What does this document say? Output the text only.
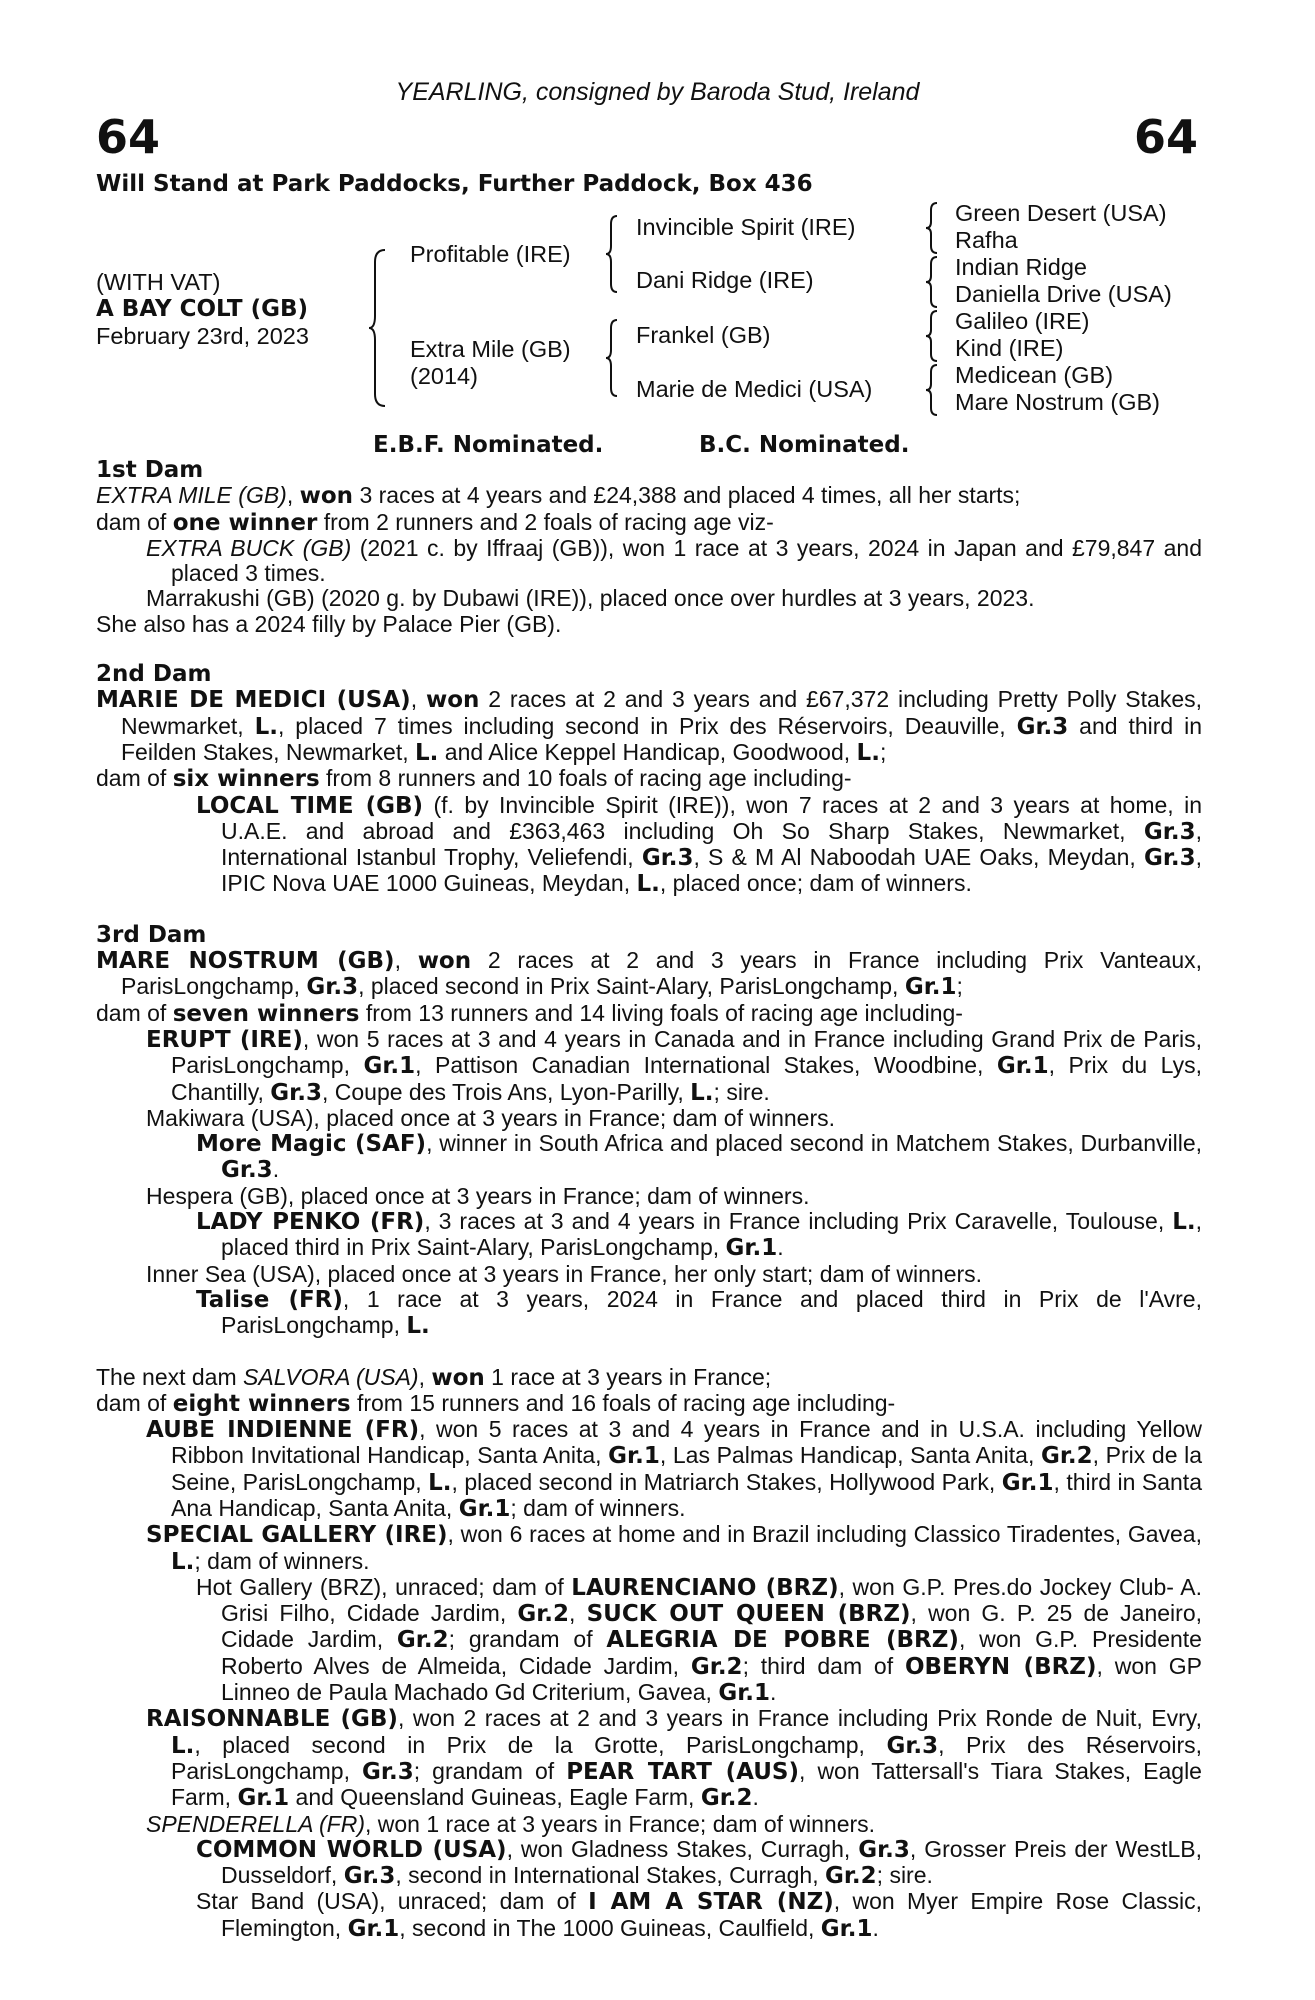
64	64
YEARLING, consigned by Baroda Stud, Ireland
Will Stand at Park Paddocks, Further Paddock, Box 436
(WITH VAT)
A BAY COLT (GB)
February 23rd, 2023
Profitable (IRE)
Extra Mile (GB)
(2014)
Invincible Spirit (IRE)
Dani Ridge (IRE)
Frankel (GB)
Marie de Medici (USA)
Green Desert (USA)
Rafha
Indian Ridge
Daniella Drive (USA)
Galileo (IRE)
Kind (IRE)
Medicean (GB)
Mare Nostrum (GB)
E.B.F. Nominated.	B.C. Nominated.
1st Dam
EXTRA MILE (GB), won 3 races at 4 years and £24,388 and placed 4 times, all her starts;
dam of one winner from 2 runners and 2 foals of racing age viz-
EXTRA BUCK (GB) (2021 c. by Iffraaj (GB)), won 1 race at 3 years, 2024 in Japan and £79,847 and placed 3 times.
Marrakushi (GB) (2020 g. by Dubawi (IRE)), placed once over hurdles at 3 years, 2023.
She also has a 2024 filly by Palace Pier (GB).
2nd Dam
MARIE DE MEDICI (USA), won 2 races at 2 and 3 years and £67,372 including Pretty Polly Stakes, Newmarket, L., placed 7 times including second in Prix des Réservoirs, Deauville, Gr.3 and third in Feilden Stakes, Newmarket, L. and Alice Keppel Handicap, Goodwood, L.;
dam of six winners from 8 runners and 10 foals of racing age including-
LOCAL TIME (GB) (f. by Invincible Spirit (IRE)), won 7 races at 2 and 3 years at home, in U.A.E. and abroad and £363,463 including Oh So Sharp Stakes, Newmarket, Gr.3, International Istanbul Trophy, Veliefendi, Gr.3, S & M Al Naboodah UAE Oaks, Meydan, Gr.3, IPIC Nova UAE 1000 Guineas, Meydan, L., placed once; dam of winners.
3rd Dam
MARE NOSTRUM (GB), won 2 races at 2 and 3 years in France including Prix Vanteaux, ParisLongchamp, Gr.3, placed second in Prix Saint-Alary, ParisLongchamp, Gr.1;
dam of seven winners from 13 runners and 14 living foals of racing age including-
ERUPT (IRE), won 5 races at 3 and 4 years in Canada and in France including Grand Prix de Paris, ParisLongchamp, Gr.1, Pattison Canadian International Stakes, Woodbine, Gr.1, Prix du Lys, Chantilly, Gr.3, Coupe des Trois Ans, Lyon-Parilly, L.; sire.
Makiwara (USA), placed once at 3 years in France; dam of winners.
More Magic (SAF), winner in South Africa and placed second in Matchem Stakes, Durbanville, Gr.3.
Hespera (GB), placed once at 3 years in France; dam of winners.
LADY PENKO (FR), 3 races at 3 and 4 years in France including Prix Caravelle, Toulouse, L., placed third in Prix Saint-Alary, ParisLongchamp, Gr.1.
Inner Sea (USA), placed once at 3 years in France, her only start; dam of winners.
Talise (FR), 1 race at 3 years, 2024 in France and placed third in Prix de l'Avre, ParisLongchamp, L.
The next dam SALVORA (USA), won 1 race at 3 years in France;
dam of eight winners from 15 runners and 16 foals of racing age including-
AUBE INDIENNE (FR), won 5 races at 3 and 4 years in France and in U.S.A. including Yellow Ribbon Invitational Handicap, Santa Anita, Gr.1, Las Palmas Handicap, Santa Anita, Gr.2, Prix de la Seine, ParisLongchamp, L., placed second in Matriarch Stakes, Hollywood Park, Gr.1, third in Santa Ana Handicap, Santa Anita, Gr.1; dam of winners.
SPECIAL GALLERY (IRE), won 6 races at home and in Brazil including Classico Tiradentes, Gavea, L.; dam of winners.
Hot Gallery (BRZ), unraced; dam of LAURENCIANO (BRZ), won G.P. Pres.do Jockey Club- A. Grisi Filho, Cidade Jardim, Gr.2, SUCK OUT QUEEN (BRZ), won G. P. 25 de Janeiro, Cidade Jardim, Gr.2; grandam of ALEGRIA DE POBRE (BRZ), won G.P. Presidente Roberto Alves de Almeida, Cidade Jardim, Gr.2; third dam of OBERYN (BRZ), won GP Linneo de Paula Machado Gd Criterium, Gavea, Gr.1.
RAISONNABLE (GB), won 2 races at 2 and 3 years in France including Prix Ronde de Nuit, Evry, L., placed second in Prix de la Grotte, ParisLongchamp, Gr.3, Prix des Réservoirs, ParisLongchamp, Gr.3; grandam of PEAR TART (AUS), won Tattersall's Tiara Stakes, Eagle Farm, Gr.1 and Queensland Guineas, Eagle Farm, Gr.2.
SPENDERELLA (FR), won 1 race at 3 years in France; dam of winners.
COMMON WORLD (USA), won Gladness Stakes, Curragh, Gr.3, Grosser Preis der WestLB, Dusseldorf, Gr.3, second in International Stakes, Curragh, Gr.2; sire.
Star Band (USA), unraced; dam of I AM A STAR (NZ), won Myer Empire Rose Classic, Flemington, Gr.1, second in The 1000 Guineas, Caulfield, Gr.1.
